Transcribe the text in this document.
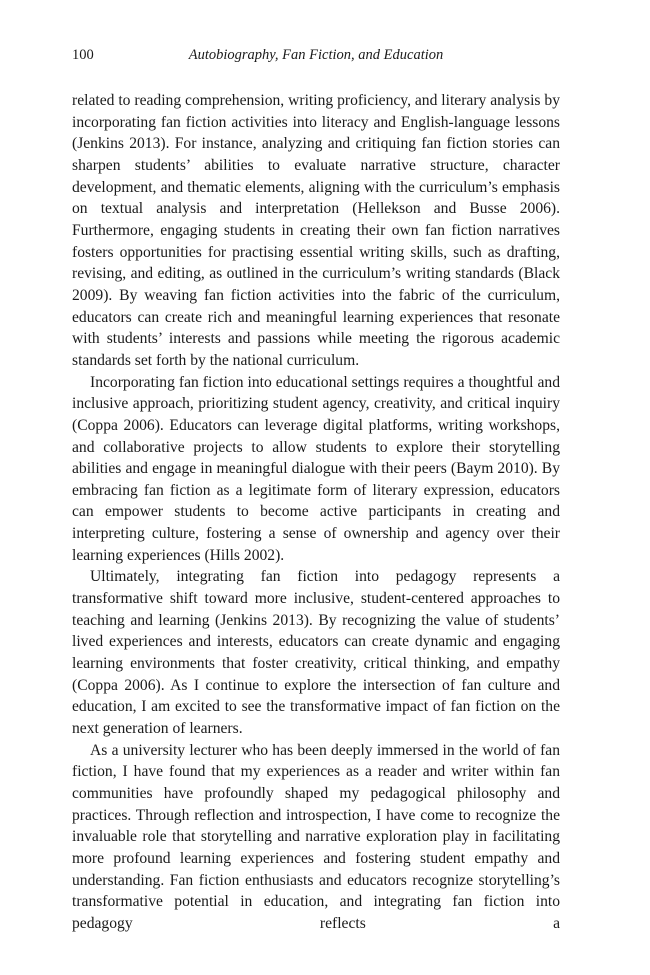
100	Autobiography, Fan Fiction, and Education

related to reading comprehension, writing proficiency, and literary analysis by incorporating fan fiction activities into literacy and English-language lessons (Jenkins 2013). For instance, analyzing and critiquing fan fiction stories can sharpen students’ abilities to evaluate narrative structure, character development, and thematic elements, aligning with the curriculum’s emphasis on textual analysis and interpretation (Hellekson and Busse 2006). Furthermore, engaging students in creating their own fan fiction narratives fosters opportunities for practising essential writing skills, such as drafting, revising, and editing, as outlined in the curriculum’s writing standards (Black 2009). By weaving fan fiction activities into the fabric of the curriculum, educators can create rich and meaningful learning experiences that resonate with students’ interests and passions while meeting the rigorous academic standards set forth by the national curriculum.

Incorporating fan fiction into educational settings requires a thoughtful and inclusive approach, prioritizing student agency, creativity, and critical inquiry (Coppa 2006). Educators can leverage digital platforms, writing workshops, and collaborative projects to allow students to explore their storytelling abilities and engage in meaningful dialogue with their peers (Baym 2010). By embracing fan fiction as a legitimate form of literary expression, educators can empower students to become active participants in creating and interpreting culture, fostering a sense of ownership and agency over their learning experiences (Hills 2002).

Ultimately, integrating fan fiction into pedagogy represents a transformative shift toward more inclusive, student-centered approaches to teaching and learning (Jenkins 2013). By recognizing the value of students’ lived experiences and interests, educators can create dynamic and engaging learning environments that foster creativity, critical thinking, and empathy (Coppa 2006). As I continue to explore the intersection of fan culture and education, I am excited to see the transformative impact of fan fiction on the next generation of learners.

As a university lecturer who has been deeply immersed in the world of fan fiction, I have found that my experiences as a reader and writer within fan communities have profoundly shaped my pedagogical philosophy and practices. Through reflection and introspection, I have come to recognize the invaluable role that storytelling and narrative exploration play in facilitating more profound learning experiences and fostering student empathy and understanding. Fan fiction enthusiasts and educators recognize storytelling’s transformative potential in education, and integrating fan fiction into pedagogy reflects a
